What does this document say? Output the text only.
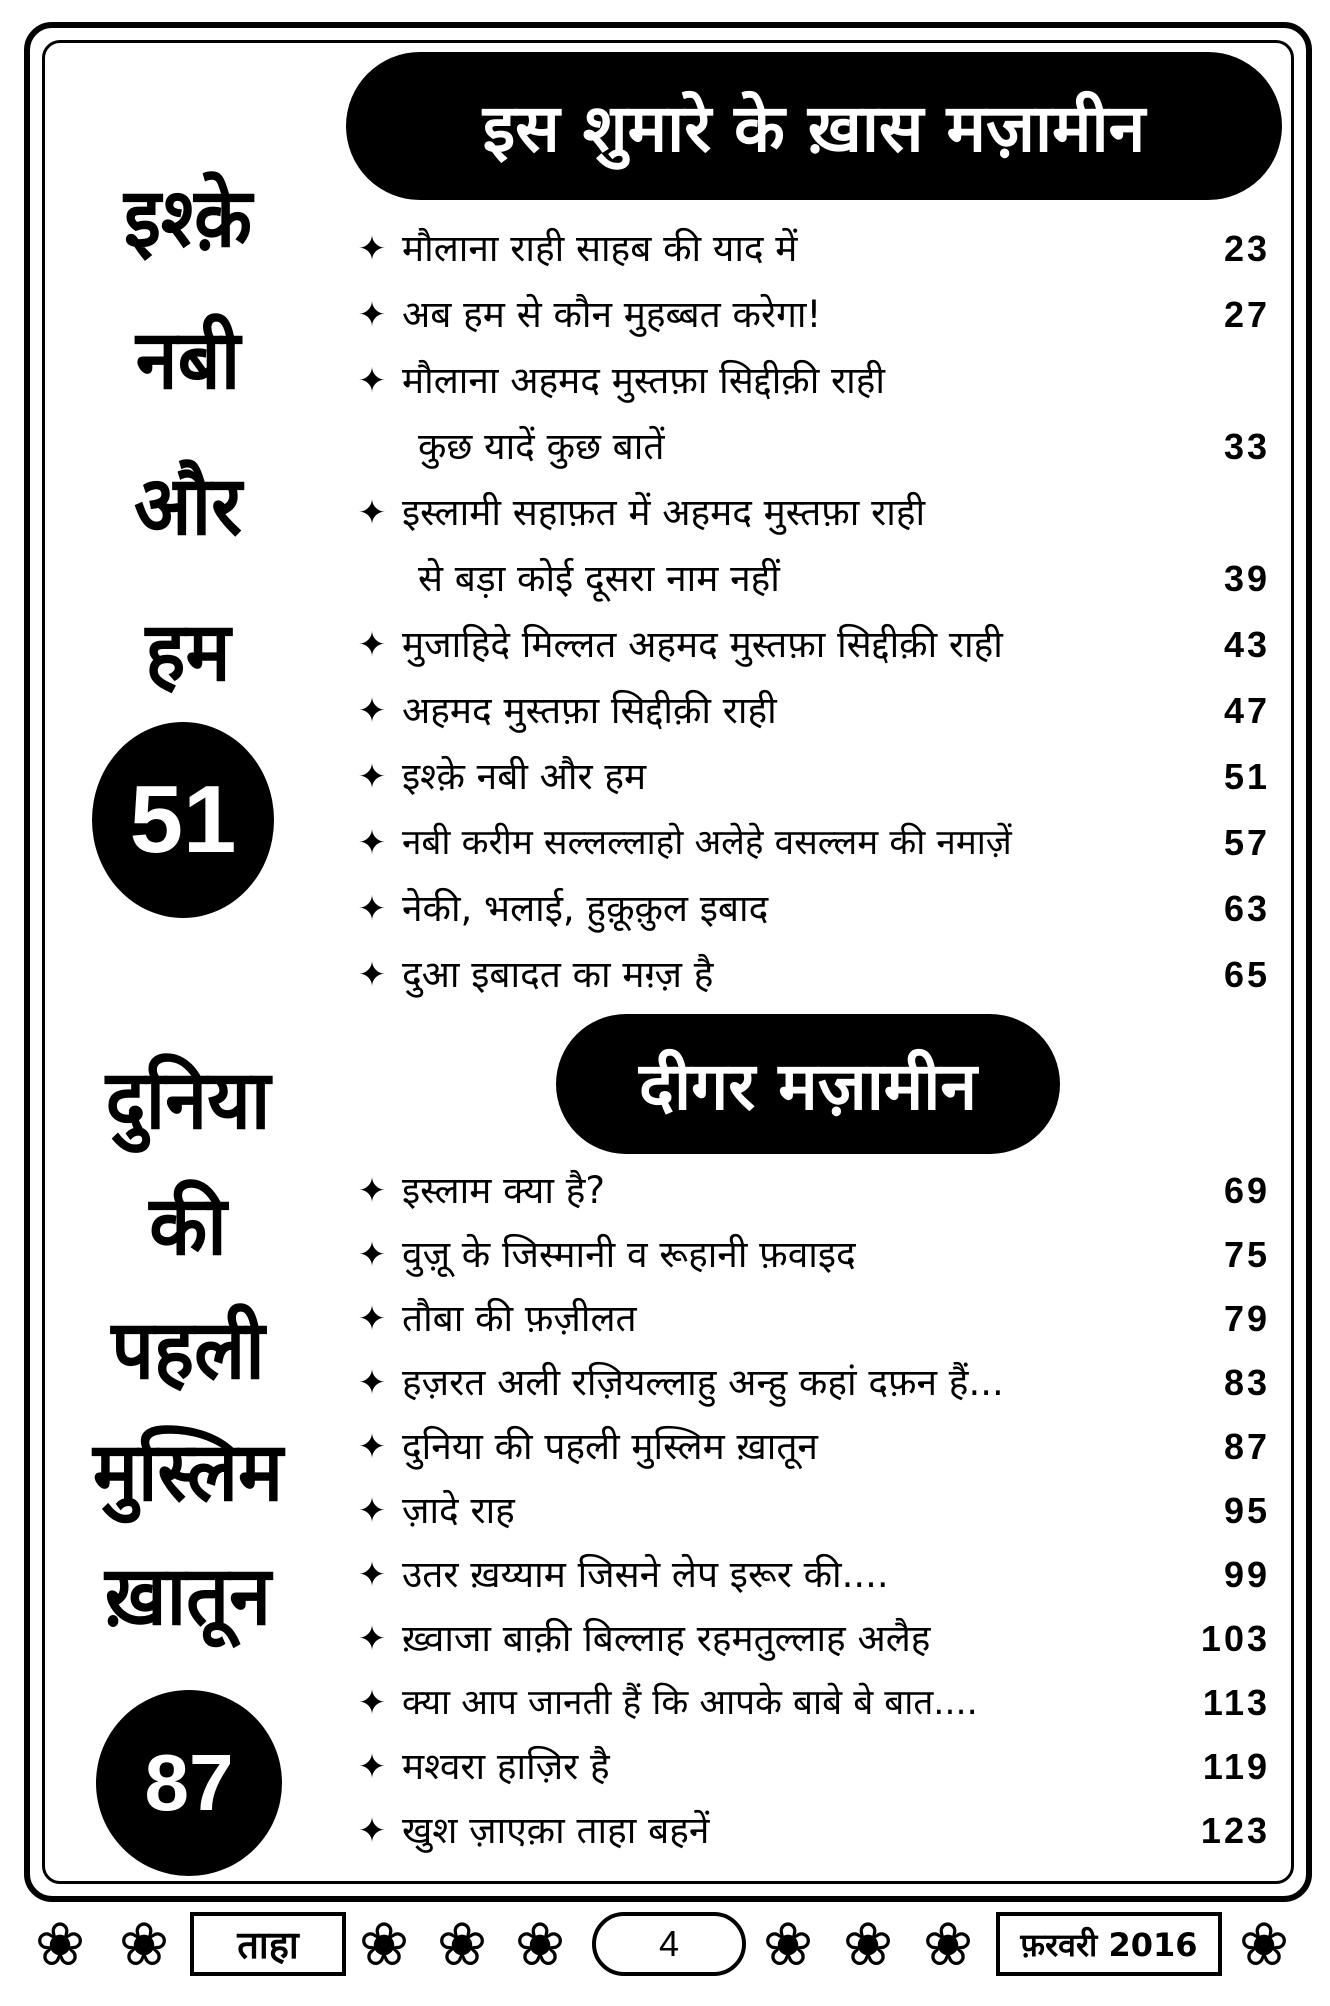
इश्क़े
नबी
और
हम
51
दुनिया
की
पहली
मुस्लिम
ख़ातून
87
इस शुमारे के ख़ास मज़ामीन
✦ मौलाना राही साहब की याद में	23
✦ अब हम से कौन मुहब्बत करेगा!	27
✦ मौलाना अहमद मुस्तफ़ा सिद्दीक़ी राही
कुछ यादें कुछ बातें	33
✦ इस्लामी सहाफ़त में अहमद मुस्तफ़ा राही
से बड़ा कोई दूसरा नाम नहीं	39
✦ मुजाहिदे मिल्लत अहमद मुस्तफ़ा सिद्दीक़ी राही	43
✦ अहमद मुस्तफ़ा सिद्दीक़ी राही	47
✦ इश्क़े नबी और हम	51
✦ नबी करीम सल्लल्लाहो अलेहे वसल्लम की नमाज़ें	57
✦ नेकी, भलाई, हुक़ूक़ुल इबाद	63
✦ दुआ इबादत का मग़्ज़ है	65
दीगर मज़ामीन
✦ इस्लाम क्या है?	69
✦ वुज़ू के जिस्मानी व रूहानी फ़वाइद	75
✦ तौबा की फ़ज़ीलत	79
✦ हज़रत अली रज़ियल्लाहु अन्हु कहां दफ़न हैं...	83
✦ दुनिया की पहली मुस्लिम ख़ातून	87
✦ ज़ादे राह	95
✦ उतर ख़य्याम जिसने लेप इरूर की....	99
✦ ख़्वाजा बाक़ी बिल्लाह रहमतुल्लाह अलैह	103
✦ क्या आप जानती हैं कि आपके बाबे बे बात....	113
✦ मश्वरा हाज़िर है	119
✦ खुश ज़ाएक़ा ताहा बहनें	123
❀ ❀	ताहा	❀ ❀ ❀	4	❀ ❀ ❀	फ़रवरी 2016 ❀
